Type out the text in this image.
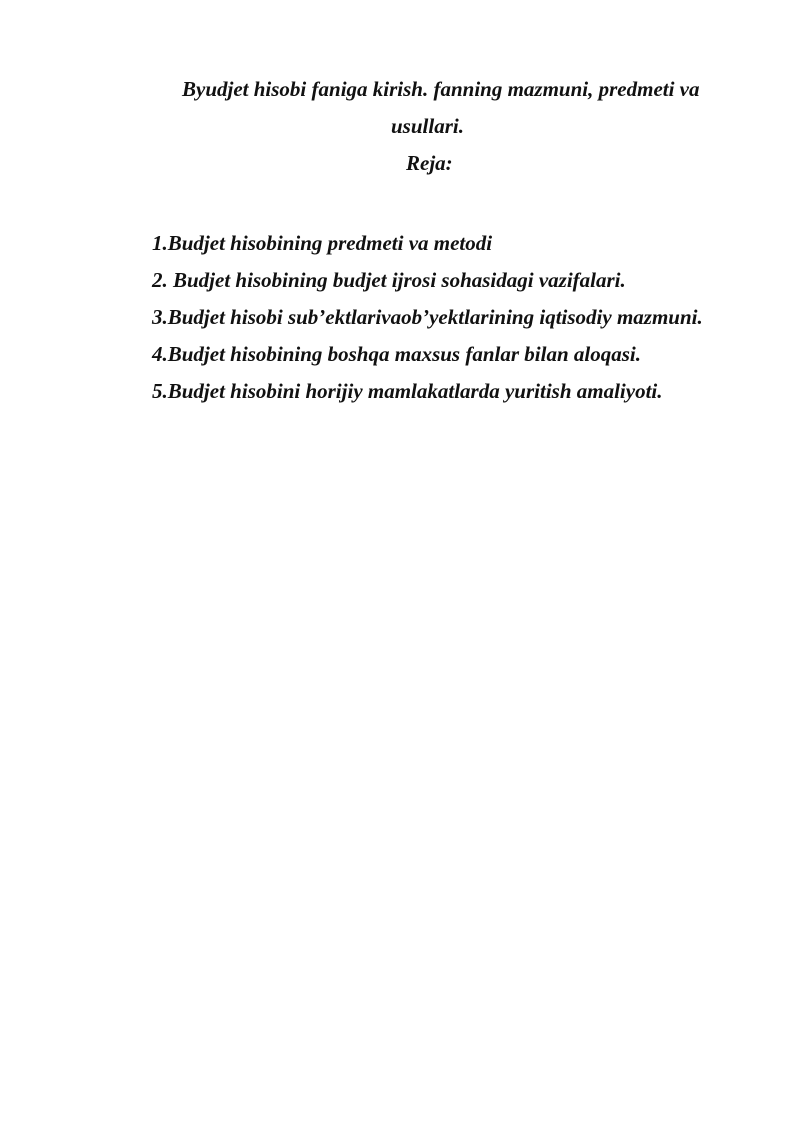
Byudjet hisobi faniga kirish. fanning mazmuni, predmeti va

usullari.

Reja:

1.Budjet hisobining predmeti va metodi
2. Budjet hisobining budjet ijrosi sohasidagi vazifalari.
3.Budjet hisobi sub’ektlarivaob’yektlarining iqtisodiy mazmuni.
4.Budjet hisobining boshqa maxsus fanlar bilan aloqasi.
5.Budjet hisobini horijiy mamlakatlarda yuritish amaliyoti.
